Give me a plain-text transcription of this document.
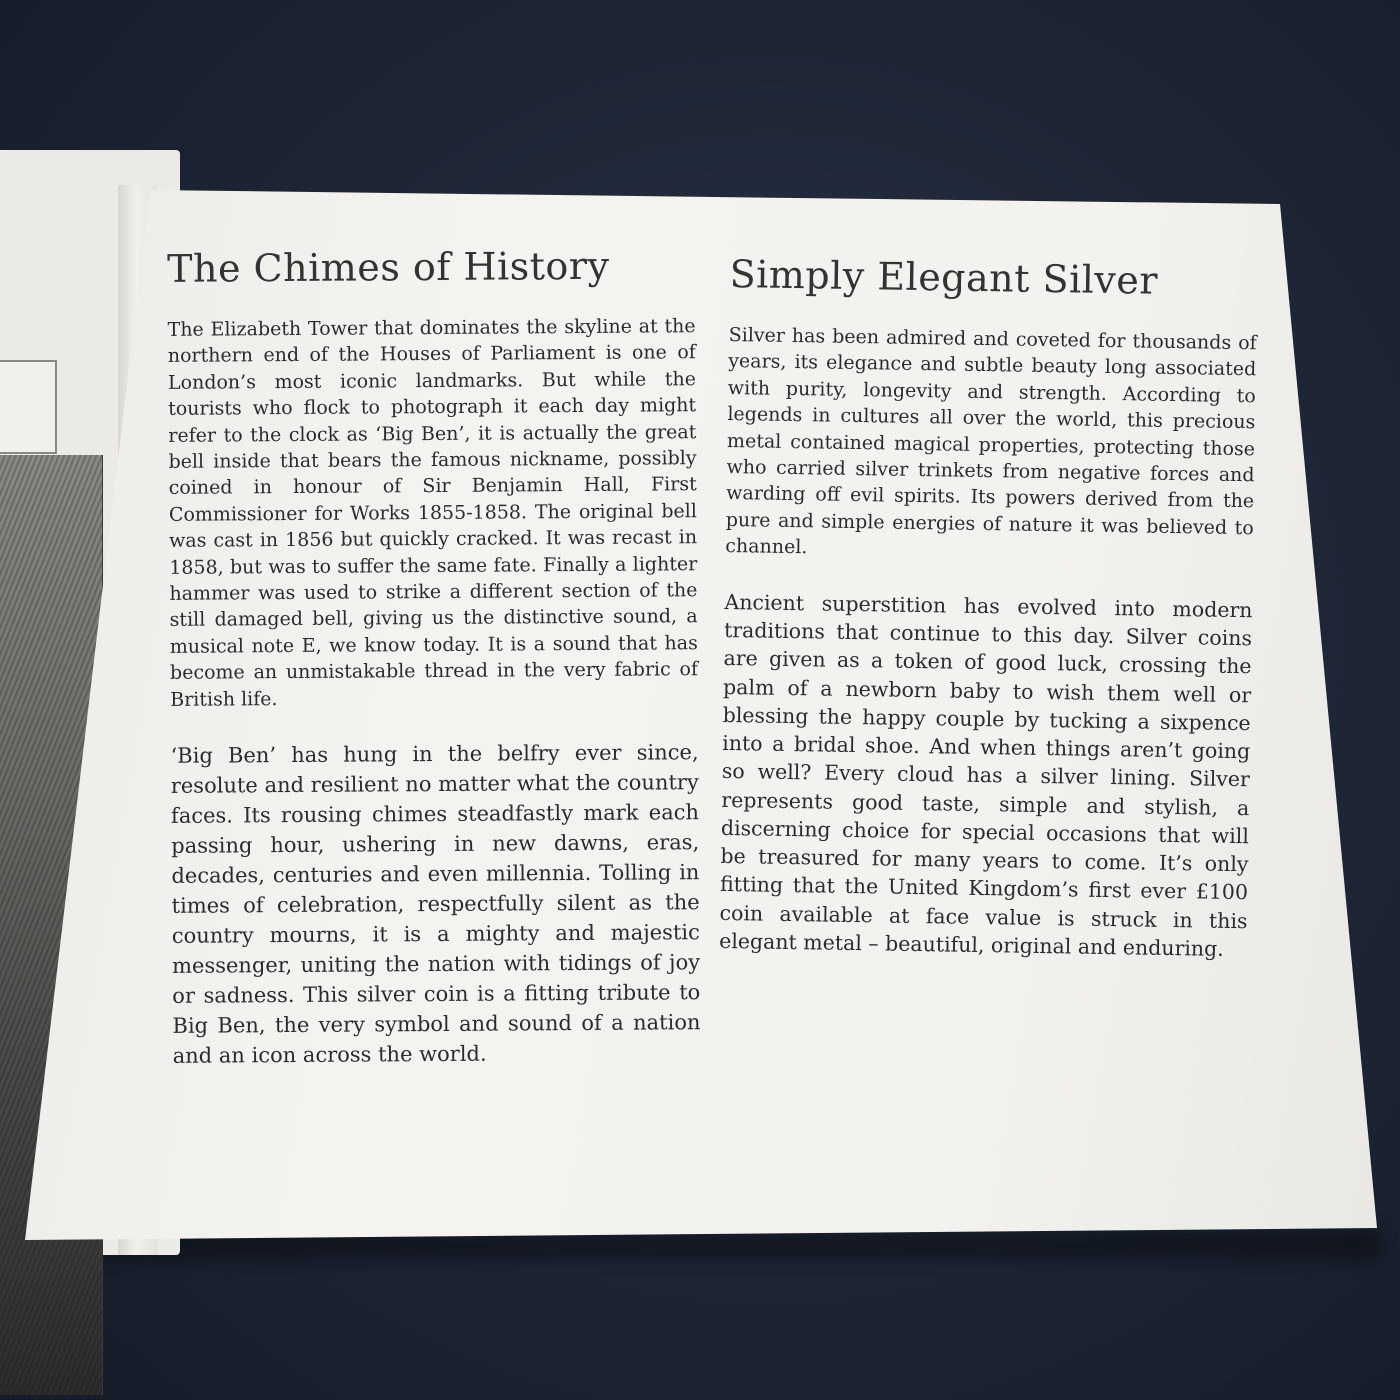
The Chimes of History

The Elizabeth Tower that dominates the skyline at the northern end of the Houses of Parliament is one of London’s most iconic landmarks. But while the tourists who flock to photograph it each day might refer to the clock as ‘Big Ben’, it is actually the great bell inside that bears the famous nickname, possibly coined in honour of Sir Benjamin Hall, First Commissioner for Works 1855-1858. The original bell was cast in 1856 but quickly cracked. It was recast in 1858, but was to suffer the same fate. Finally a lighter hammer was used to strike a different section of the still damaged bell, giving us the distinctive sound, a musical note E, we know today. It is a sound that has become an unmistakable thread in the very fabric of British life.

‘Big Ben’ has hung in the belfry ever since, resolute and resilient no matter what the country faces. Its rousing chimes steadfastly mark each passing hour, ushering in new dawns, eras, decades, centuries and even millennia. Tolling in times of celebration, respectfully silent as the country mourns, it is a mighty and majestic messenger, uniting the nation with tidings of joy or sadness. This silver coin is a fitting tribute to Big Ben, the very symbol and sound of a nation and an icon across the world.

Simply Elegant Silver

Silver has been admired and coveted for thousands of years, its elegance and subtle beauty long associated with purity, longevity and strength. According to legends in cultures all over the world, this precious metal contained magical properties, protecting those who carried silver trinkets from negative forces and warding off evil spirits. Its powers derived from the pure and simple energies of nature it was believed to channel.

Ancient superstition has evolved into modern traditions that continue to this day. Silver coins are given as a token of good luck, crossing the palm of a newborn baby to wish them well or blessing the happy couple by tucking a sixpence into a bridal shoe. And when things aren’t going so well? Every cloud has a silver lining. Silver represents good taste, simple and stylish, a discerning choice for special occasions that will be treasured for many years to come. It’s only fitting that the United Kingdom’s first ever £100 coin available at face value is struck in this elegant metal – beautiful, original and enduring.
